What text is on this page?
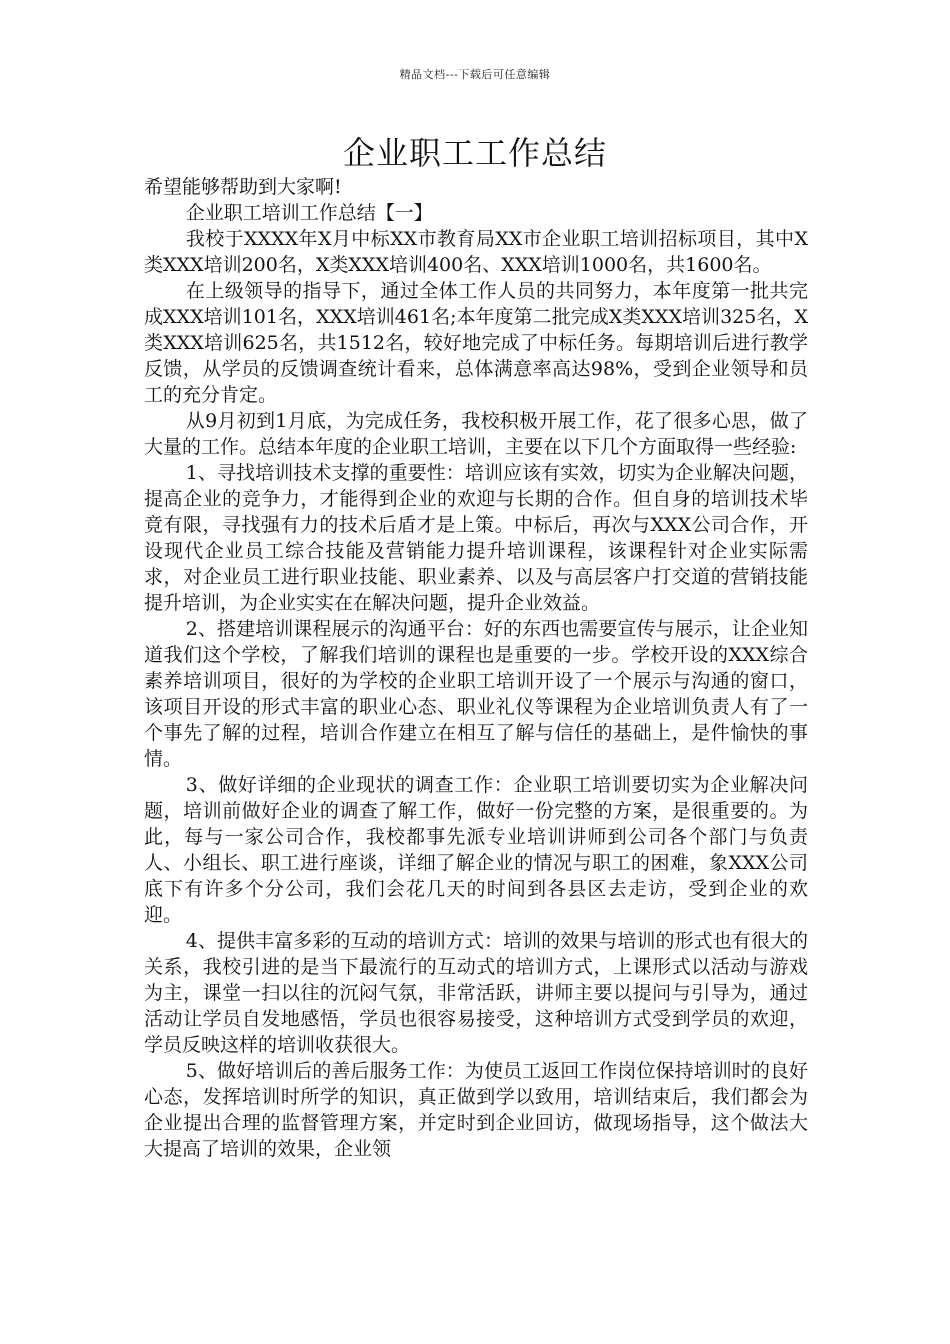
精品文档---下载后可任意编辑
企业职工工作总结

希望能够帮助到大家啊!

企业职工培训工作总结【一】

我校于XXXX年X月中标XX市教育局XX市企业职工培训招标项目，其中X类XXX培训200名，X类XXX培训400名、XXX培训1000名，共1600名。

在上级领导的指导下，通过全体工作人员的共同努力，本年度第一批共完成XXX培训101名，XXX培训461名;本年度第二批完成X类XXX培训325名，X类XXX培训625名，共1512名，较好地完成了中标任务。每期培训后进行教学反馈，从学员的反馈调查统计看来，总体满意率高达98%，受到企业领导和员工的充分肯定。

从9月初到1月底，为完成任务，我校积极开展工作，花了很多心思，做了大量的工作。总结本年度的企业职工培训，主要在以下几个方面取得一些经验:

1、寻找培训技术支撑的重要性：培训应该有实效，切实为企业解决问题，提高企业的竞争力，才能得到企业的欢迎与长期的合作。但自身的培训技术毕竟有限，寻找强有力的技术后盾才是上策。中标后，再次与XXX公司合作，开设现代企业员工综合技能及营销能力提升培训课程，该课程针对企业实际需求，对企业员工进行职业技能、职业素养、以及与高层客户打交道的营销技能提升培训，为企业实实在在解决问题，提升企业效益。

2、搭建培训课程展示的沟通平台：好的东西也需要宣传与展示，让企业知道我们这个学校，了解我们培训的课程也是重要的一步。学校开设的XXX综合素养培训项目，很好的为学校的企业职工培训开设了一个展示与沟通的窗口，该项目开设的形式丰富的职业心态、职业礼仪等课程为企业培训负责人有了一个事先了解的过程，培训合作建立在相互了解与信任的基础上，是件愉快的事情。

3、做好详细的企业现状的调查工作：企业职工培训要切实为企业解决问题，培训前做好企业的调查了解工作，做好一份完整的方案，是很重要的。为此，每与一家公司合作，我校都事先派专业培训讲师到公司各个部门与负责人、小组长、职工进行座谈，详细了解企业的情况与职工的困难，象XXX公司底下有许多个分公司，我们会花几天的时间到各县区去走访，受到企业的欢迎。

4、提供丰富多彩的互动的培训方式：培训的效果与培训的形式也有很大的关系，我校引进的是当下最流行的互动式的培训方式，上课形式以活动与游戏为主，课堂一扫以往的沉闷气氛，非常活跃，讲师主要以提问与引导为，通过活动让学员自发地感悟，学员也很容易接受，这种培训方式受到学员的欢迎，学员反映这样的培训收获很大。

5、做好培训后的善后服务工作：为使员工返回工作岗位保持培训时的良好心态，发挥培训时所学的知识，真正做到学以致用，培训结束后，我们都会为企业提出合理的监督管理方案，并定时到企业回访，做现场指导，这个做法大大提高了培训的效果，企业领
